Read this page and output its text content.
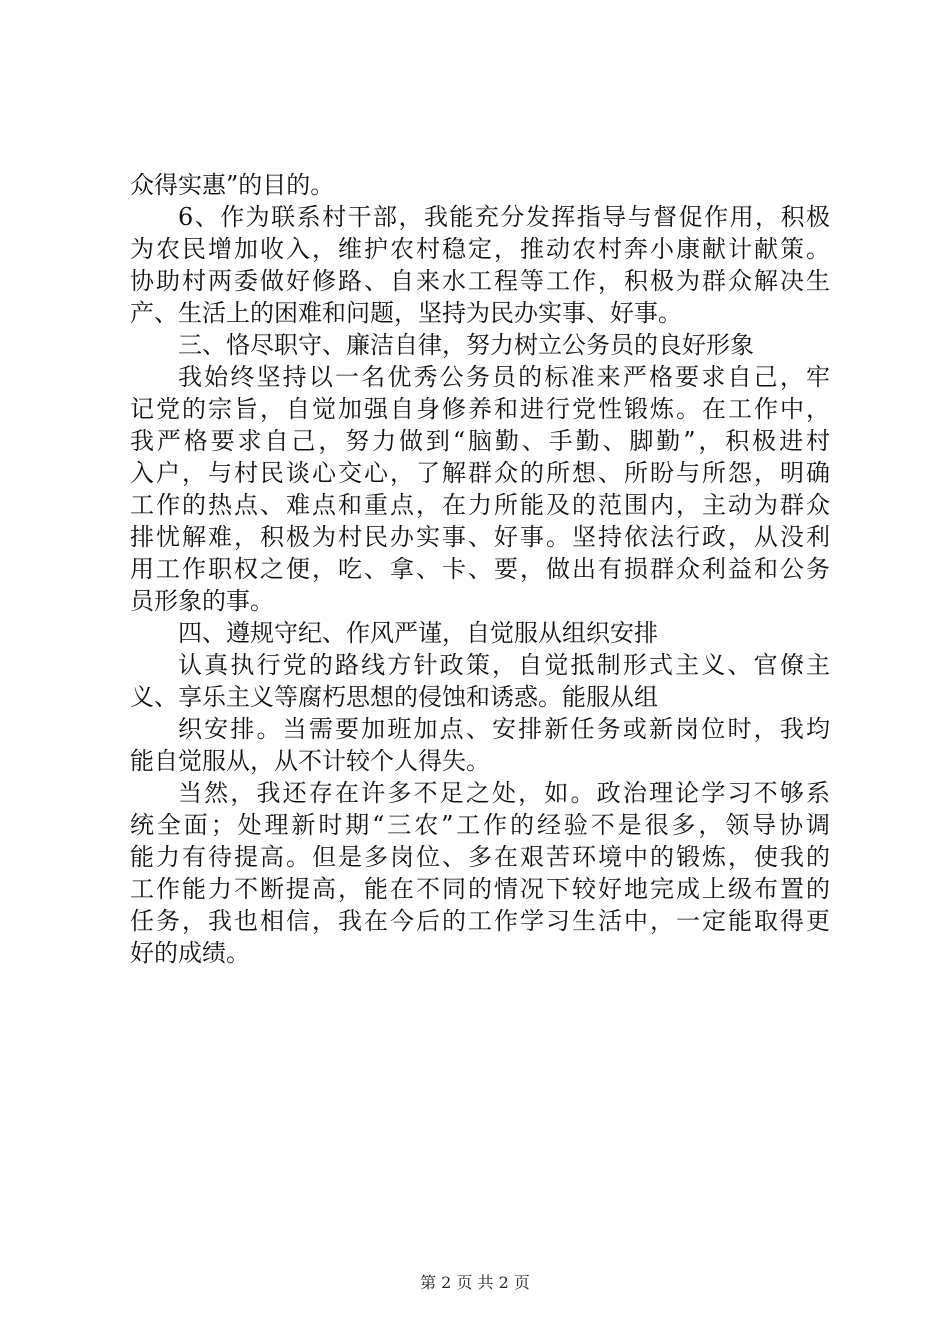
众得实惠”的目的。
6、作为联系村干部，我能充分发挥指导与督促作用，积极
为农民增加收入，维护农村稳定，推动农村奔小康献计献策。
协助村两委做好修路、自来水工程等工作，积极为群众解决生
产、生活上的困难和问题，坚持为民办实事、好事。
三、恪尽职守、廉洁自律，努力树立公务员的良好形象
我始终坚持以一名优秀公务员的标准来严格要求自己，牢
记党的宗旨，自觉加强自身修养和进行党性锻炼。在工作中，
我严格要求自己，努力做到“脑勤、手勤、脚勤”，积极进村
入户，与村民谈心交心，了解群众的所想、所盼与所怨，明确
工作的热点、难点和重点，在力所能及的范围内，主动为群众
排忧解难，积极为村民办实事、好事。坚持依法行政，从没利
用工作职权之便，吃、拿、卡、要，做出有损群众利益和公务
员形象的事。
四、遵规守纪、作风严谨，自觉服从组织安排
认真执行党的路线方针政策，自觉抵制形式主义、官僚主
义、享乐主义等腐朽思想的侵蚀和诱惑。能服从组
织安排。当需要加班加点、安排新任务或新岗位时，我均
能自觉服从，从不计较个人得失。
当然，我还存在许多不足之处，如。政治理论学习不够系
统全面；处理新时期“三农”工作的经验不是很多，领导协调
能力有待提高。但是多岗位、多在艰苦环境中的锻炼，使我的
工作能力不断提高，能在不同的情况下较好地完成上级布置的
任务，我也相信，我在今后的工作学习生活中，一定能取得更
好的成绩。
第 2 页 共 2 页
